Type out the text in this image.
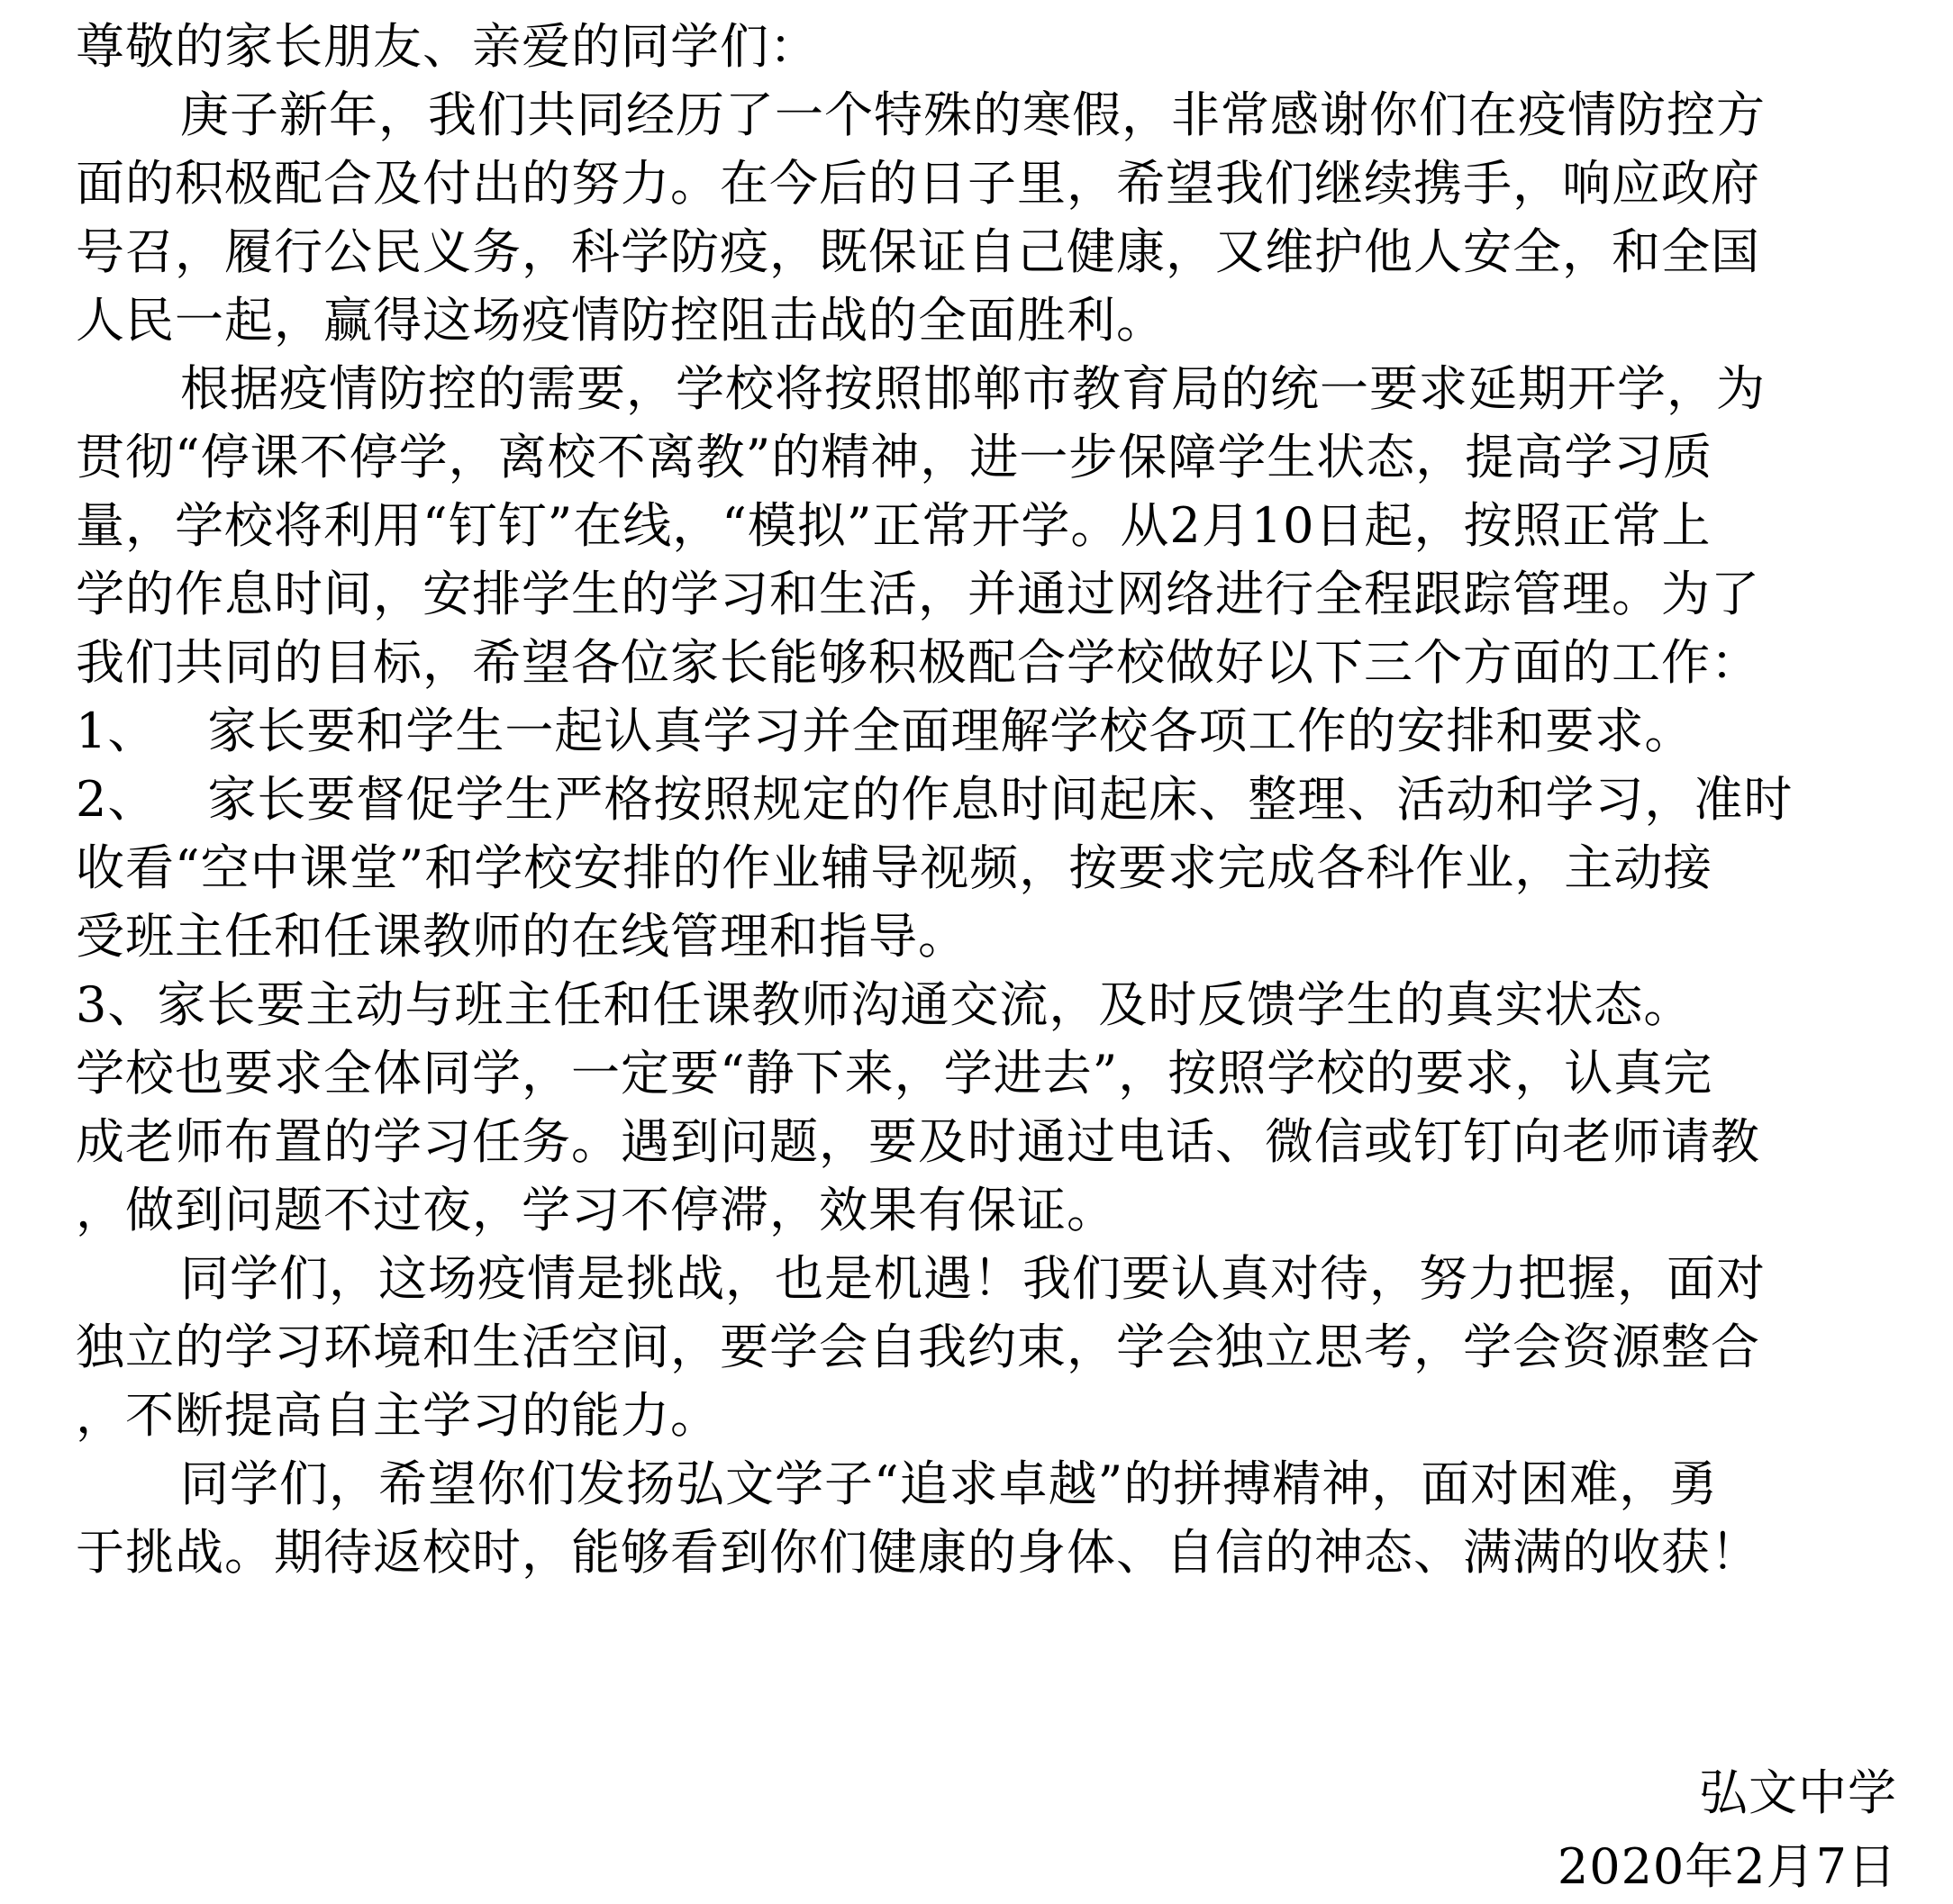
尊敬的家长朋友、亲爱的同学们：
庚子新年，我们共同经历了一个特殊的寒假，非常感谢你们在疫情防控方
面的积极配合及付出的努力。在今后的日子里，希望我们继续携手，响应政府
号召，履行公民义务，科学防疫，既保证自己健康，又维护他人安全，和全国
人民一起，赢得这场疫情防控阻击战的全面胜利。
根据疫情防控的需要，学校将按照邯郸市教育局的统一要求延期开学，为
贯彻“停课不停学，离校不离教”的精神，进一步保障学生状态，提高学习质
量，学校将利用“钉钉”在线，“模拟”正常开学。从2月10日起，按照正常上
学的作息时间，安排学生的学习和生活，并通过网络进行全程跟踪管理。为了
我们共同的目标，希望各位家长能够积极配合学校做好以下三个方面的工作：
1、 家长要和学生一起认真学习并全面理解学校各项工作的安排和要求。
2、 家长要督促学生严格按照规定的作息时间起床、整理、活动和学习，准时
收看“空中课堂”和学校安排的作业辅导视频，按要求完成各科作业，主动接
受班主任和任课教师的在线管理和指导。
3、家长要主动与班主任和任课教师沟通交流，及时反馈学生的真实状态。
学校也要求全体同学，一定要“静下来，学进去”，按照学校的要求，认真完
成老师布置的学习任务。遇到问题，要及时通过电话、微信或钉钉向老师请教
，做到问题不过夜，学习不停滞，效果有保证。
同学们，这场疫情是挑战，也是机遇！我们要认真对待，努力把握，面对
独立的学习环境和生活空间，要学会自我约束，学会独立思考，学会资源整合
，不断提高自主学习的能力。
同学们，希望你们发扬弘文学子“追求卓越”的拼搏精神，面对困难，勇
于挑战。期待返校时，能够看到你们健康的身体、自信的神态、满满的收获！
弘文中学
2020年2月7日
